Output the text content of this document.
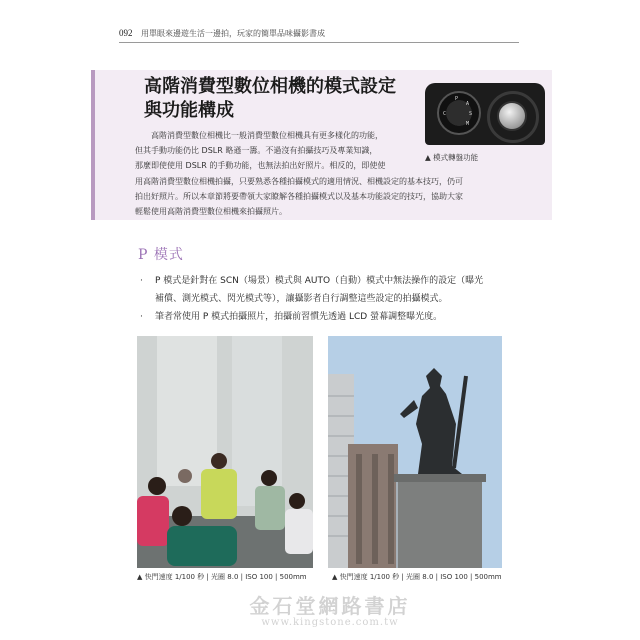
092 用單眼來邊遊生活一邊拍，玩家的簡單品味攝影書成
高階消費型數位相機的模式設定
與功能構成
高階消費型數位相機比一般消費型數位相機具有更多樣化的功能，
但其手動功能仍比 DSLR 略遜一籌。不過沒有拍攝技巧及專業知識，
那麼即使使用 DSLR 的手動功能，也無法拍出好照片。相反的，即使使
用高階消費型數位相機拍攝，只要熟悉各種拍攝模式的適用情況、相機設定的基本技巧，仍可
拍出好照片。所以本章節將要帶領大家瞭解各種拍攝模式以及基本功能設定的技巧，協助大家
輕鬆使用高階消費型數位相機來拍攝照片。
P
A
S
M
C
▲ 模式轉盤功能
P 模式
· P 模式是針對在 SCN（場景）模式與 AUTO（自動）模式中無法操作的設定（曝光
補償、測光模式、閃光模式等），讓攝影者自行調整這些設定的拍攝模式。
· 筆者常使用 P 模式拍攝照片，拍攝前習慣先透過 LCD 螢幕調整曝光度。
▲ 快門速度 1/100 秒 | 光圈 8.0 | ISO 100 | 500mm	▲ 快門速度 1/100 秒 | 光圈 8.0 | ISO 100 | 500mm
金石堂網路書店
www.kingstone.com.tw
